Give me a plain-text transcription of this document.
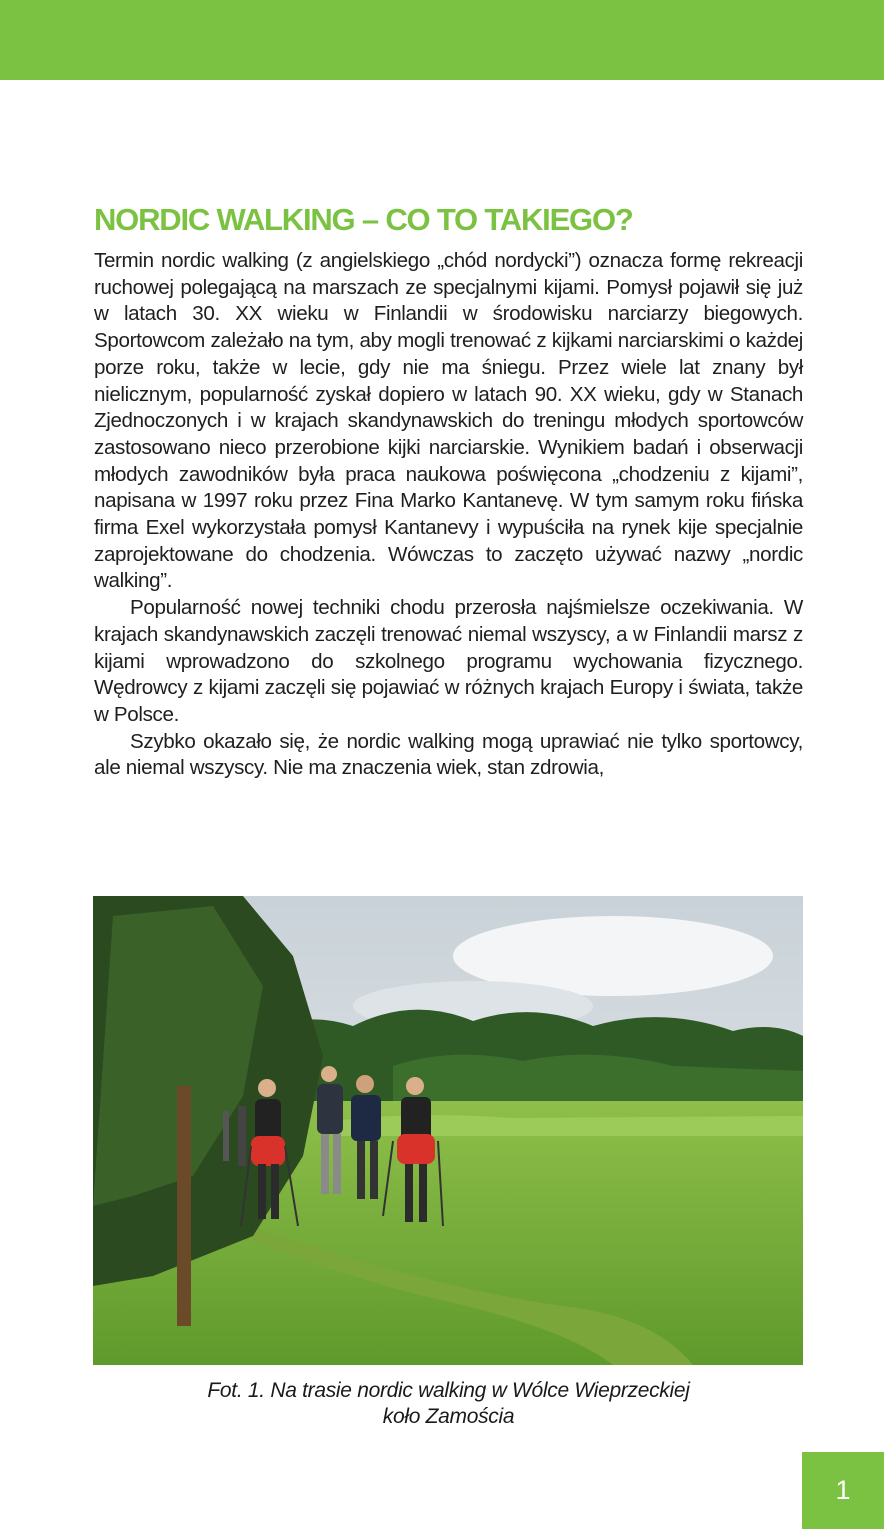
NORDIC WALKING – CO TO TAKIEGO?

Termin nordic walking (z angielskiego „chód nordycki”) oznacza formę rekreacji ruchowej polegającą na marszach ze specjalnymi kijami. Pomysł pojawił się już w latach 30. XX wieku w Finlandii w środowisku narciarzy biegowych. Sportowcom zależało na tym, aby mogli trenować z kijkami narciarskimi o każdej porze roku, także w lecie, gdy nie ma śniegu. Przez wiele lat znany był nielicznym, popularność zyskał dopiero w latach 90. XX wieku, gdy w Stanach Zjednoczonych i w krajach skandynawskich do treningu młodych sportowców zastosowano nieco przerobione kijki narciarskie. Wynikiem badań i obserwacji młodych zawodników była praca naukowa poświęcona „chodzeniu z kijami”, napisana w 1997 roku przez Fina Marko Kantanevę. W tym samym roku fińska firma Exel wykorzystała pomysł Kantanevy i wypuściła na rynek kije specjalnie zaprojektowane do chodzenia. Wówczas to zaczęto używać nazwy „nordic walking”.

Popularność nowej techniki chodu przerosła najśmielsze oczekiwania. W krajach skandynawskich zaczęli trenować niemal wszyscy, a w Finlandii marsz z kijami wprowadzono do szkolnego programu wychowania fizycznego. Wędrowcy z kijami zaczęli się pojawiać w różnych krajach Europy i świata, także w Polsce.

Szybko okazało się, że nordic walking mogą uprawiać nie tylko sportowcy, ale niemal wszyscy. Nie ma znaczenia wiek, stan zdrowia,

Fot. 1. Na trasie nordic walking w Wólce Wieprzeckiej
koło Zamościa
1
